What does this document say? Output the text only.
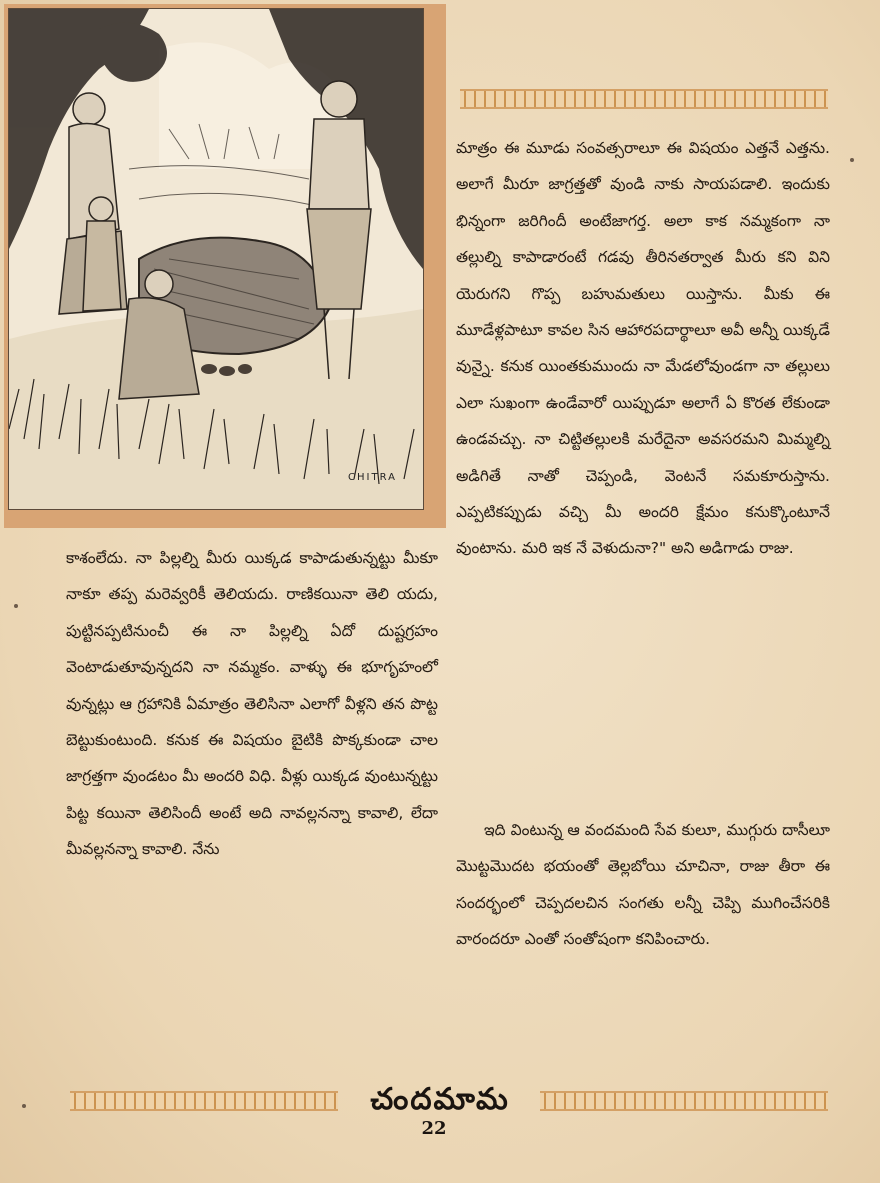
CHITRA

మాత్రం ఈ మూడు సంవత్సరాలూ ఈ విషయం ఎత్తనే ఎత్తను. అలాగే మీరూ జాగ్రత్తతో వుండి నాకు సాయపడాలి. ఇందుకు భిన్నంగా జరిగిందీ అంటేజాగర్త. అలా కాక నమ్మకంగా నా తల్లుల్ని కాపాడారంటే గడవు తీరినతర్వాత మీరు కని విని యెరుగని గొప్ప బహుమతులు యిస్తాను. మీకు ఈ మూడేళ్లపాటూ కావల సిన ఆహారపదార్థాలూ అవీ అన్నీ యిక్కడే వున్నై. కనుక యింతకుముందు నా మేడలోవుండగా నా తల్లులు ఎలా సుఖంగా ఉండేవారో యిప్పుడూ అలాగే ఏ కొరత లేకుండా ఉండవచ్చు. నా చిట్టితల్లులకి మరేదైనా అవసరమని మిమ్మల్ని అడిగితే నాతో చెప్పండి, వెంటనే సమకూరుస్తాను. ఎప్పటికప్పుడు వచ్చి మీ అందరి క్షేమం కనుక్కొంటూనే వుంటాను. మరి ఇక నే వెళుదునా?" అని అడిగాడు రాజు.

ఇది వింటున్న ఆ వందమంది సేవ కులూ, ముగ్గురు దాసీలూ మొట్టమొదట భయంతో తెల్లబోయి చూచినా, రాజు తీరా ఈ సందర్భంలో చెప్పదలచిన సంగతు లన్నీ చెప్పి ముగించేసరికి వారందరూ ఎంతో సంతోషంగా కనిపించారు.

కాశంలేదు. నా పిల్లల్ని మీరు యిక్కడ కాపాడుతున్నట్టు మీకూ నాకూ తప్ప మరెవ్వరికీ తెలియదు. రాణికయినా తెలి యదు, పుట్టినప్పటినుంచీ ఈ నా పిల్లల్ని ఏదో దుష్టగ్రహం వెంటాడుతూవున్నదని నా నమ్మకం. వాళ్ళు ఈ భూగృహంలో వున్నట్లు ఆ గ్రహానికి ఏమాత్రం తెలిసినా ఎలాగో వీళ్లని తన పొట్ట బెట్టుకుంటుంది. కనుక ఈ విషయం బైటికి పొక్కకుండా చాల జాగ్రత్తగా వుండటం మీ అందరి విధి. వీళ్లు యిక్కడ వుంటున్నట్టు పిట్ట కయినా తెలిసిందీ అంటే అది నావల్లనన్నా కావాలి, లేదా మీవల్లనన్నా కావాలి. నేను

చందమామ
22
